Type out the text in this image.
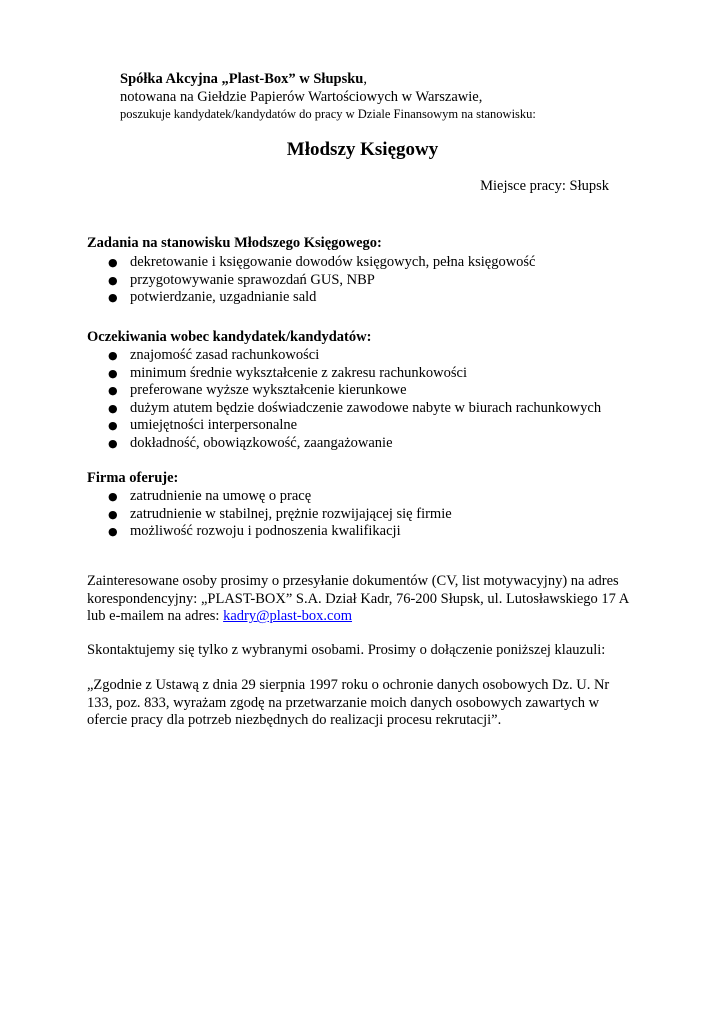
Spółka Akcyjna „Plast-Box” w Słupsku,
notowana na Giełdzie Papierów Wartościowych w Warszawie,
poszukuje kandydatek/kandydatów do pracy w Dziale Finansowym na stanowisku:
Młodszy Księgowy
Miejsce pracy: Słupsk
Zadania na stanowisku Młodszego Księgowego:
● dekretowanie i księgowanie dowodów księgowych, pełna księgowość
● przygotowywanie sprawozdań GUS, NBP
● potwierdzanie, uzgadnianie sald
Oczekiwania wobec kandydatek/kandydatów:
● znajomość zasad rachunkowości
● minimum średnie wykształcenie z zakresu rachunkowości
● preferowane wyższe wykształcenie kierunkowe
● dużym atutem będzie doświadczenie zawodowe nabyte w biurach rachunkowych
● umiejętności interpersonalne
● dokładność, obowiązkowość, zaangażowanie
Firma oferuje:
● zatrudnienie na umowę o pracę
● zatrudnienie w stabilnej, prężnie rozwijającej się firmie
● możliwość rozwoju i podnoszenia kwalifikacji
Zainteresowane osoby prosimy o przesyłanie dokumentów (CV, list motywacyjny) na adres
korespondencyjny: „PLAST-BOX” S.A. Dział Kadr, 76-200 Słupsk, ul. Lutosławskiego 17 A
lub e-mailem na adres: kadry@plast-box.com
Skontaktujemy się tylko z wybranymi osobami. Prosimy o dołączenie poniższej klauzuli:
„Zgodnie z Ustawą z dnia 29 sierpnia 1997 roku o ochronie danych osobowych Dz. U. Nr
133, poz. 833, wyrażam zgodę na przetwarzanie moich danych osobowych zawartych w
ofercie pracy dla potrzeb niezbędnych do realizacji procesu rekrutacji”.
